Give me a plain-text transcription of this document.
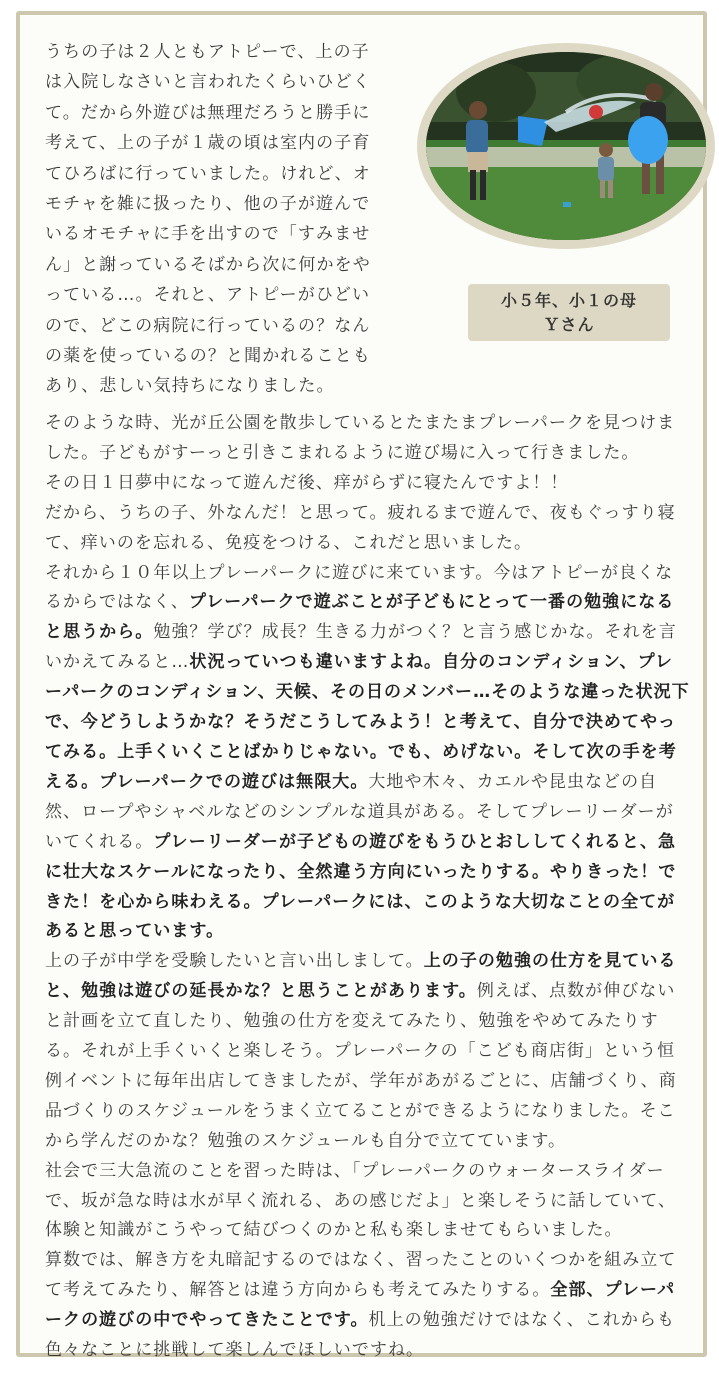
うちの子は２人ともアトピーで、上の子は入院しなさいと言われたくらいひどくて。だから外遊びは無理だろうと勝手に考えて、上の子が１歳の頃は室内の子育てひろばに行っていました。けれど、オモチャを雑に扱ったり、他の子が遊んでいるオモチャに手を出すので「すみません」と謝っているそばから次に何かをやっている…。それと、アトピーがひどいので、どこの病院に行っているの？なんの薬を使っているの？と聞かれることもあり、悲しい気持ちになりました。
小５年、小１の母
Ｙさん

そのような時、光が丘公園を散歩しているとたまたまプレーパークを見つけました。子どもがすーっと引きこまれるように遊び場に入って行きました。

その日１日夢中になって遊んだ後、痒がらずに寝たんですよ！！

だから、うちの子、外なんだ！と思って。疲れるまで遊んで、夜もぐっすり寝て、痒いのを忘れる、免疫をつける、これだと思いました。

それから１０年以上プレーパークに遊びに来ています。今はアトピーが良くなるからではなく、プレーパークで遊ぶことが子どもにとって一番の勉強になると思うから。勉強？学び？成長？生きる力がつく？と言う感じかな。それを言いかえてみると…状況っていつも違いますよね。自分のコンディション、プレーパークのコンディション、天候、その日のメンバー…そのような違った状況下で、今どうしようかな？そうだこうしてみよう！と考えて、自分で決めてやってみる。上手くいくことばかりじゃない。でも、めげない。そして次の手を考える。プレーパークでの遊びは無限大。大地や木々、カエルや昆虫などの自然、ロープやシャベルなどのシンプルな道具がある。そしてプレーリーダーがいてくれる。プレーリーダーが子どもの遊びをもうひとおししてくれると、急に壮大なスケールになったり、全然違う方向にいったりする。やりきった！できた！を心から味わえる。プレーパークには、このような大切なことの全てがあると思っています。

上の子が中学を受験したいと言い出しまして。上の子の勉強の仕方を見ていると、勉強は遊びの延長かな？と思うことがあります。例えば、点数が伸びないと計画を立て直したり、勉強の仕方を変えてみたり、勉強をやめてみたりする。それが上手くいくと楽しそう。プレーパークの「こども商店街」という恒例イベントに毎年出店してきましたが、学年があがるごとに、店舗づくり、商品づくりのスケジュールをうまく立てることができるようになりました。そこから学んだのかな？勉強のスケジュールも自分で立てています。

社会で三大急流のことを習った時は、「プレーパークのウォータースライダーで、坂が急な時は水が早く流れる、あの感じだよ」と楽しそうに話していて、体験と知識がこうやって結びつくのかと私も楽しませてもらいました。

算数では、解き方を丸暗記するのではなく、習ったことのいくつかを組み立てて考えてみたり、解答とは違う方向からも考えてみたりする。全部、プレーパークの遊びの中でやってきたことです。机上の勉強だけではなく、これからも色々なことに挑戦して楽しんでほしいですね。
